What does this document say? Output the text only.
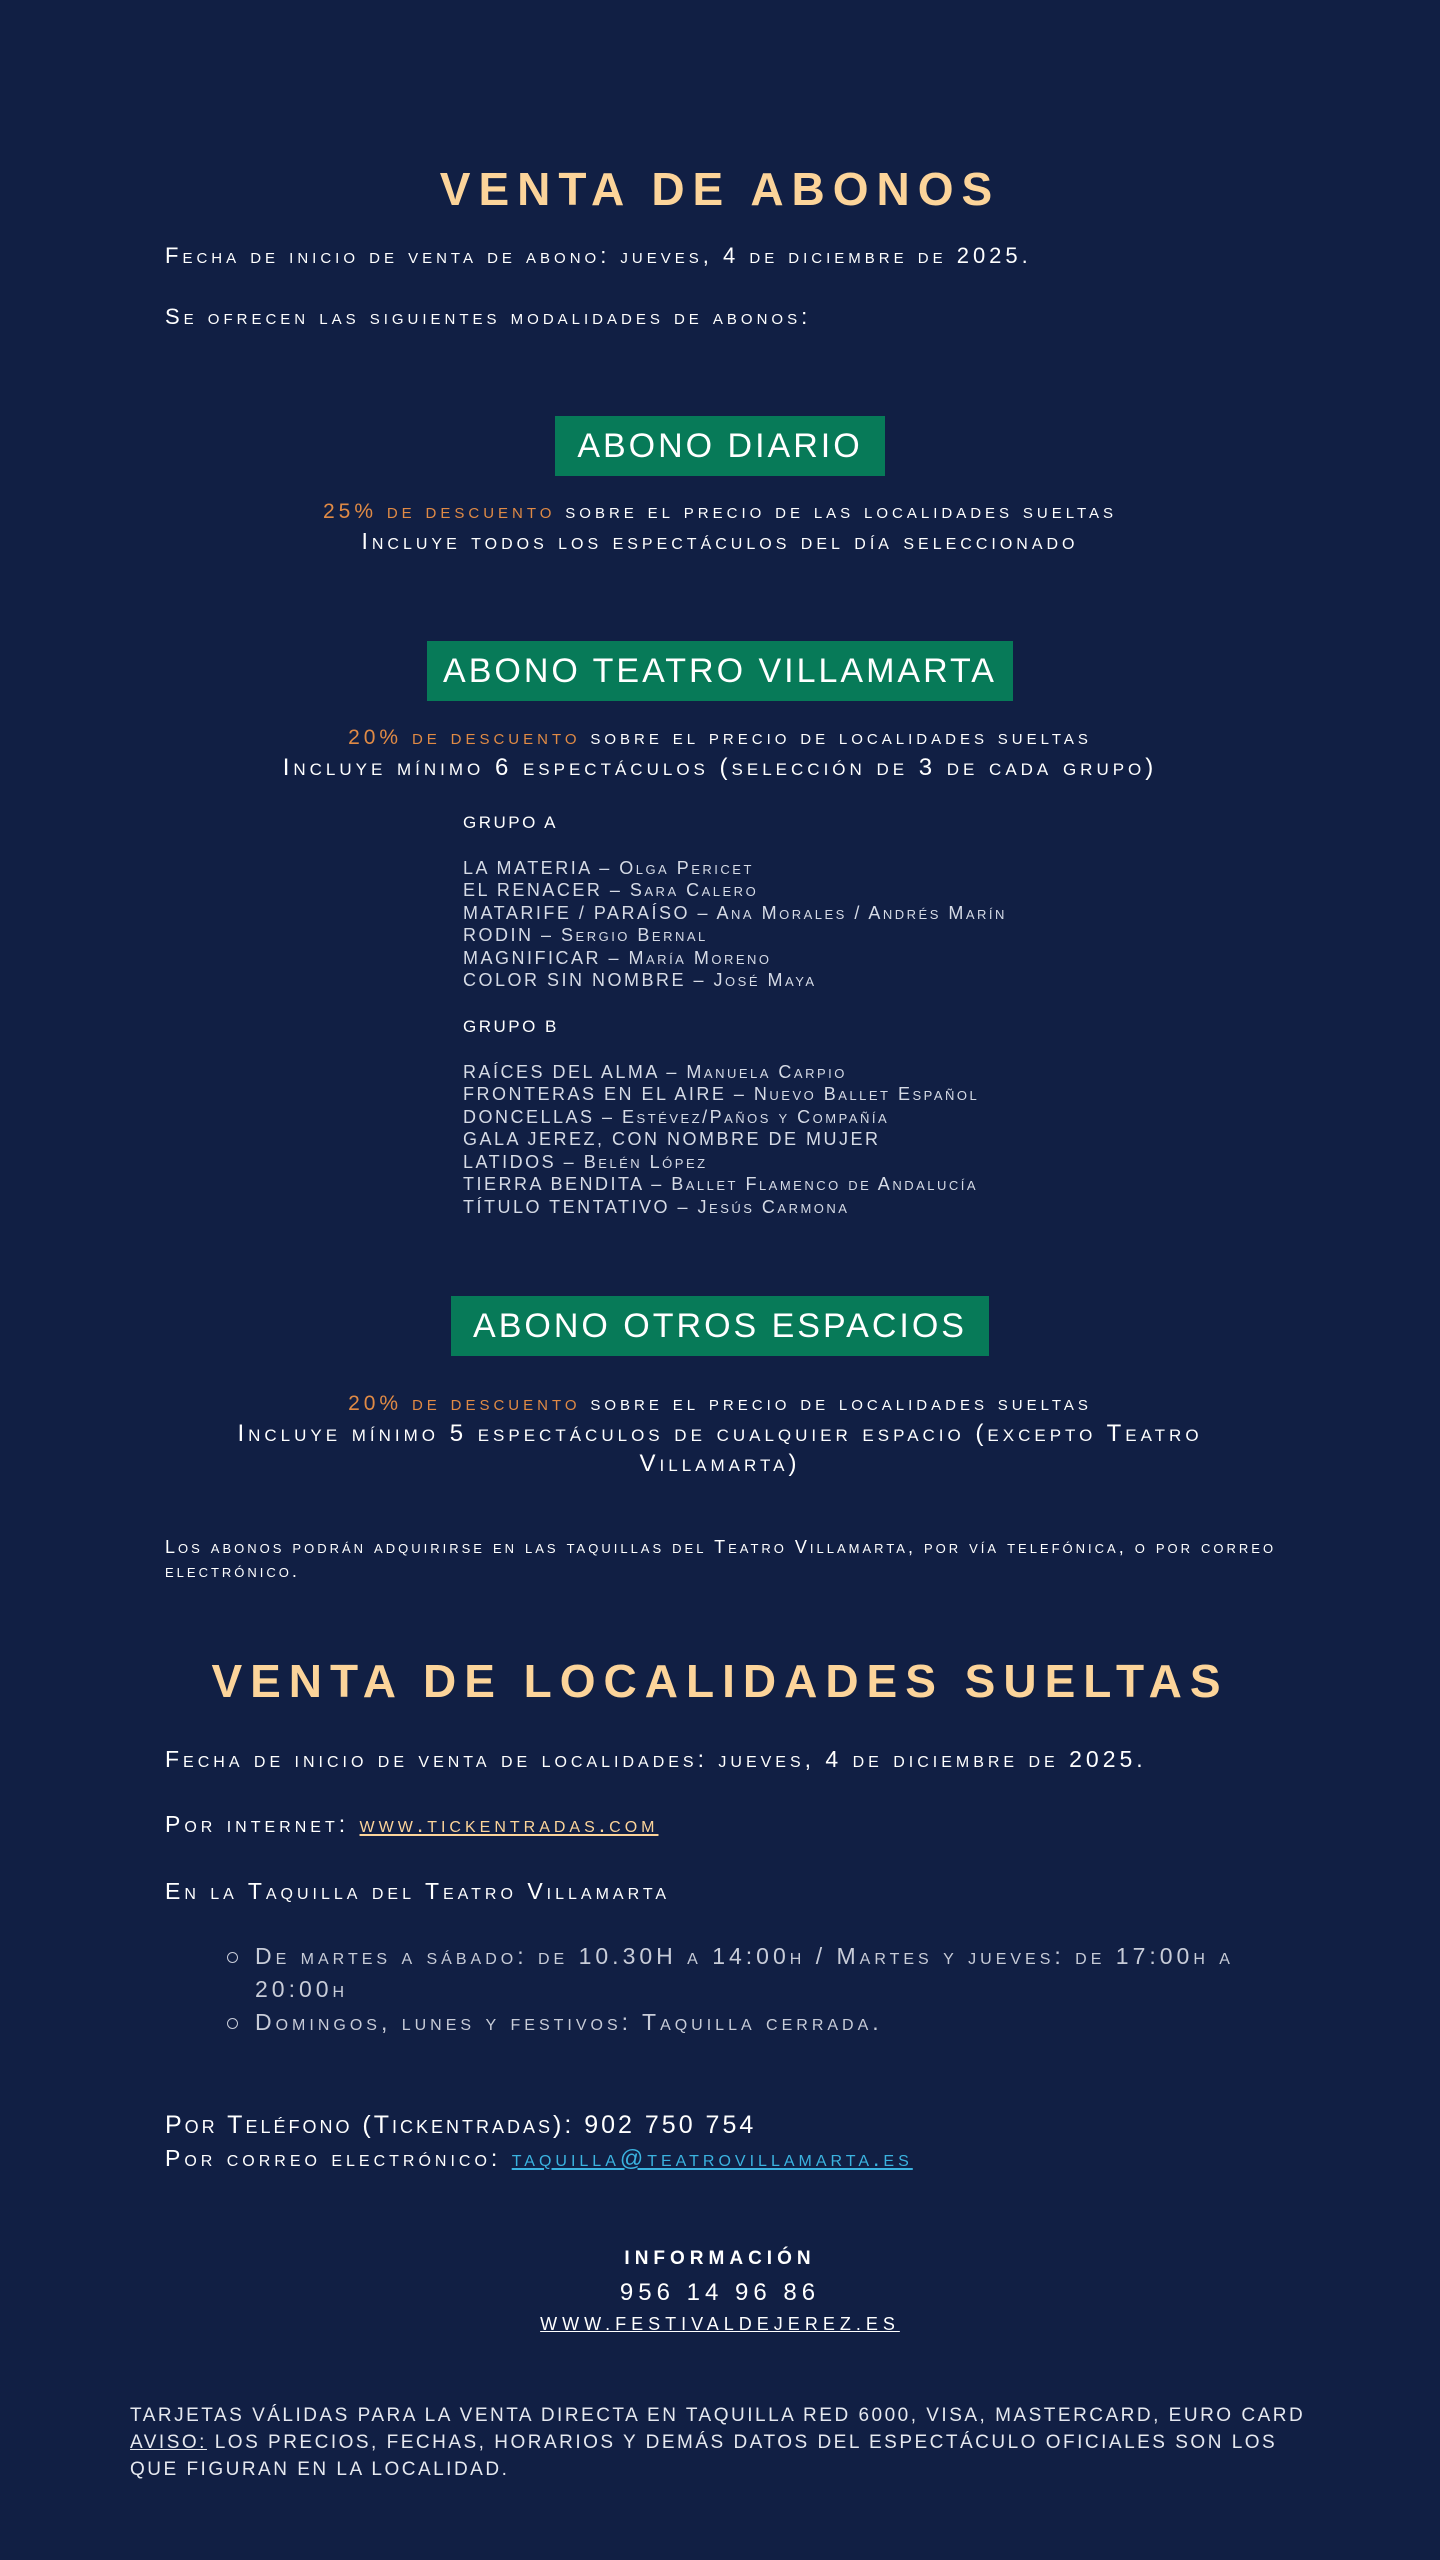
VENTA DE ABONOS
Fecha de inicio de venta de abono: jueves, 4 de diciembre de 2025.
Se ofrecen las siguientes modalidades de abonos:
ABONO DIARIO
25% de descuento sobre el precio de las localidades sueltas
Incluye todos los espectáculos del día seleccionado
ABONO TEATRO VILLAMARTA
20% de descuento sobre el precio de localidades sueltas
Incluye mínimo 6 espectáculos (selección de 3 de cada grupo)
GRUPO A
LA MATERIA – Olga Pericet
EL RENACER – Sara Calero
MATARIFE / PARAÍSO – Ana Morales / Andrés Marín
RODIN – Sergio Bernal
MAGNIFICAR – María Moreno
COLOR SIN NOMBRE – José Maya
GRUPO B
RAÍCES DEL ALMA – Manuela Carpio
FRONTERAS EN EL AIRE – Nuevo Ballet Español
DONCELLAS – Estévez/Paños y Compañía
GALA JEREZ, CON NOMBRE DE MUJER
LATIDOS – Belén López
TIERRA BENDITA – Ballet Flamenco de Andalucía
TÍTULO TENTATIVO – Jesús Carmona
ABONO OTROS ESPACIOS
20% de descuento sobre el precio de localidades sueltas
Incluye mínimo 5 espectáculos de cualquier espacio (excepto Teatro
Villamarta)
Los abonos podrán adquirirse en las taquillas del Teatro Villamarta, por vía telefónica, o por correo electrónico.
VENTA DE LOCALIDADES SUELTAS
Fecha de inicio de venta de localidades: jueves, 4 de diciembre de 2025.
Por internet: www.tickentradas.com
En la Taquilla del Teatro Villamarta
De martes a sábado: de 10.30H a 14:00h / Martes y jueves: de 17:00h a 20:00h
Domingos, lunes y festivos: Taquilla cerrada.
Por Teléfono (Tickentradas): 902 750 754
Por correo electrónico: taquilla@teatrovillamarta.es
INFORMACIÓN
956 14 96 86
WWW.FESTIVALDEJEREZ.ES
TARJETAS VÁLIDAS PARA LA VENTA DIRECTA EN TAQUILLA RED 6000, VISA, MASTERCARD, EURO CARD
AVISO: LOS PRECIOS, FECHAS, HORARIOS Y DEMÁS DATOS DEL ESPECTÁCULO OFICIALES SON LOS QUE FIGURAN EN LA LOCALIDAD.
